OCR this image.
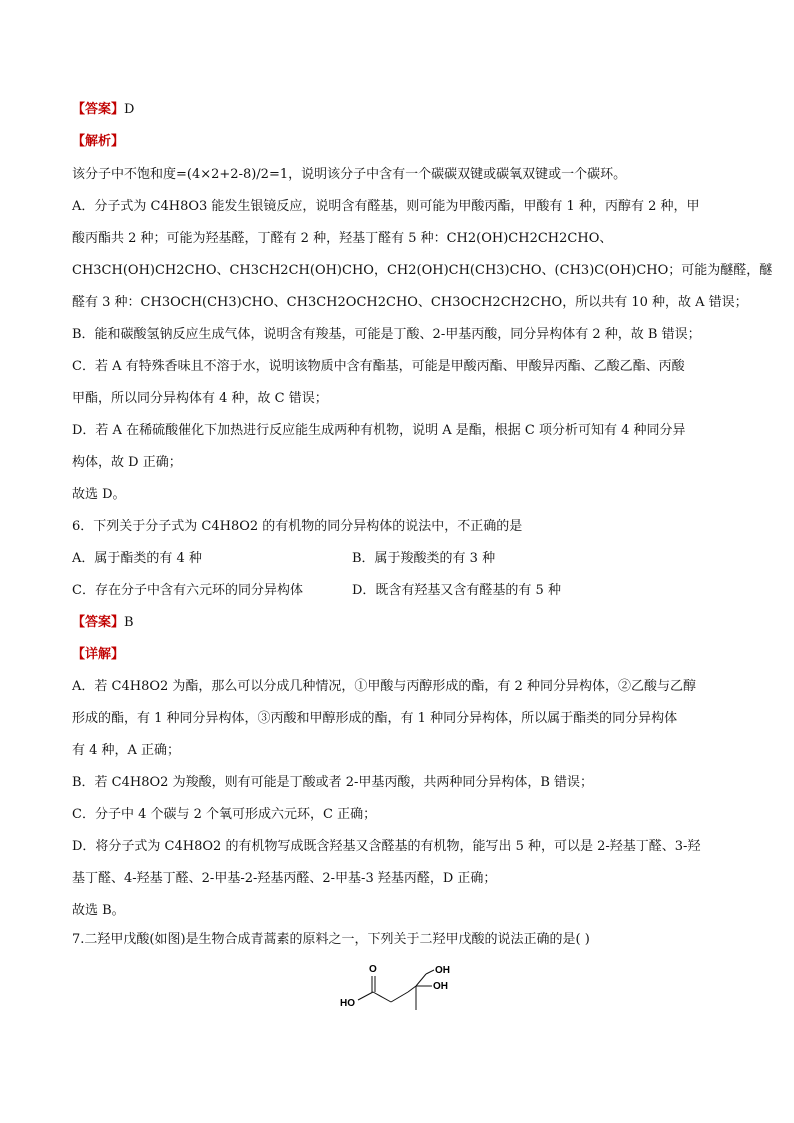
【答案】D
【解析】
该分子中不饱和度=(4×2+2-8)/2=1，说明该分子中含有一个碳碳双键或碳氧双键或一个碳环。
A．分子式为 C4H8O3 能发生银镜反应，说明含有醛基，则可能为甲酸丙酯，甲酸有 1 种，丙醇有 2 种，甲
酸丙酯共 2 种；可能为羟基醛，丁醛有 2 种，羟基丁醛有 5 种：CH2(OH)CH2CH2CHO、
CH3CH(OH)CH2CHO、CH3CH2CH(OH)CHO，CH2(OH)CH(CH3)CHO、(CH3)C(OH)CHO；可能为醚醛，醚
醛有 3 种：CH3OCH(CH3)CHO、CH3CH2OCH2CHO、CH3OCH2CH2CHO，所以共有 10 种，故 A 错误；
B．能和碳酸氢钠反应生成气体，说明含有羧基，可能是丁酸、2-甲基丙酸，同分异构体有 2 种，故 B 错误；
C．若 A 有特殊香味且不溶于水，说明该物质中含有酯基，可能是甲酸丙酯、甲酸异丙酯、乙酸乙酯、丙酸
甲酯，所以同分异构体有 4 种，故 C 错误；
D．若 A 在稀硫酸催化下加热进行反应能生成两种有机物，说明 A 是酯，根据 C 项分析可知有 4 种同分异
构体，故 D 正确；
故选 D。
6．下列关于分子式为 C4H8O2 的有机物的同分异构体的说法中，不正确的是
A．属于酯类的有 4 种	B．属于羧酸类的有 3 种
C．存在分子中含有六元环的同分异构体	D．既含有羟基又含有醛基的有 5 种
【答案】B
【详解】
A．若 C4H8O2 为酯，那么可以分成几种情况，①甲酸与丙醇形成的酯，有 2 种同分异构体，②乙酸与乙醇
形成的酯，有 1 种同分异构体，③丙酸和甲醇形成的酯，有 1 种同分异构体，所以属于酯类的同分异构体
有 4 种，A 正确；
B．若 C4H8O2 为羧酸，则有可能是丁酸或者 2-甲基丙酸，共两种同分异构体，B 错误；
C．分子中 4 个碳与 2 个氧可形成六元环，C 正确；
D．将分子式为 C4H8O2 的有机物写成既含羟基又含醛基的有机物，能写出 5 种，可以是 2-羟基丁醛、3-羟
基丁醛、4-羟基丁醛、2-甲基-2-羟基丙醛、2-甲基-3 羟基丙醛，D 正确；
故选 B。
7.二羟甲戊酸(如图)是生物合成青蒿素的原料之一，下列关于二羟甲戊酸的说法正确的是( )
O
HO
OH
OH
